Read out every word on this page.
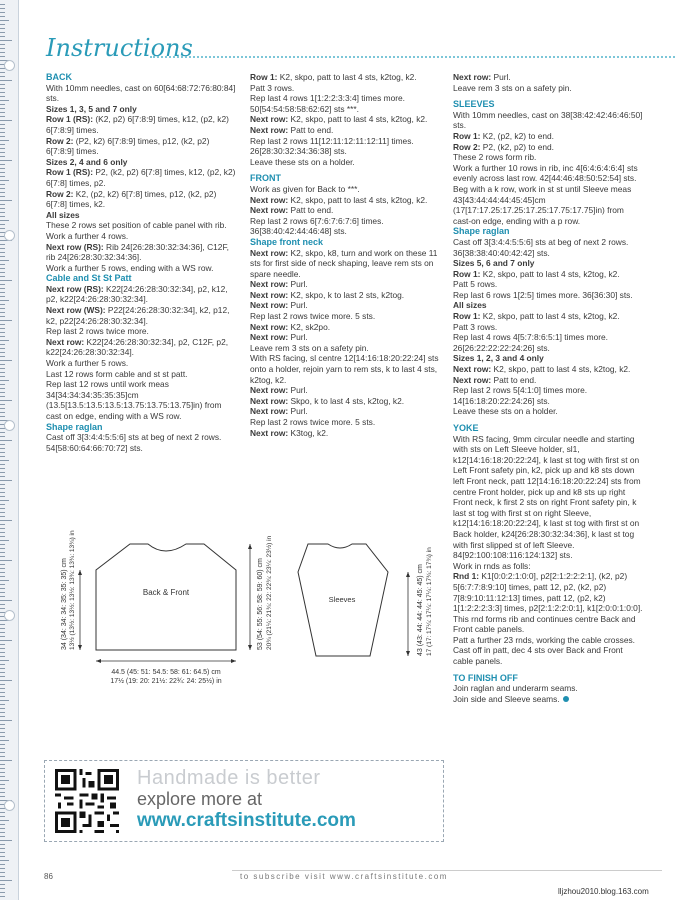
Instructions

BACK

With 10mm needles, cast on 60[64:68:72:76:80:84] sts.

Sizes 1, 3, 5 and 7 only

Row 1 (RS): (K2, p2) 6[7:8:9] times, k12, (p2, k2) 6[7:8:9] times.

Row 2: (P2, k2) 6[7:8:9] times, p12, (k2, p2) 6[7:8:9] times.

Sizes 2, 4 and 6 only

Row 1 (RS): P2, (k2, p2) 6[7:8] times, k12, (p2, k2) 6[7:8] times, p2.

Row 2: K2, (p2, k2) 6[7:8] times, p12, (k2, p2) 6[7:8] times, k2.

All sizes

These 2 rows set position of cable panel with rib.

Work a further 4 rows.

Next row (RS): Rib 24[26:28:30:32:34:36], C12F, rib 24[26:28:30:32:34:36].

Work a further 5 rows, ending with a WS row.

Cable and St St Patt

Next row (RS): K22[24:26:28:30:32:34], p2, k12, p2, k22[24:26:28:30:32:34].

Next row (WS): P22[24:26:28:30:32:34], k2, p12, k2, p22[24:26:28:30:32:34].

Rep last 2 rows twice more.

Next row: K22[24:26:28:30:32:34], p2, C12F, p2, k22[24:26:28:30:32:34].

Work a further 5 rows.

Last 12 rows form cable and st st patt.

Rep last 12 rows until work meas 34[34:34:34:35:35:35]cm (13.5[13.5:13.5:13.5:13.75:13.75:13.75]in) from cast on edge, ending with a WS row.

Shape raglan

Cast off 3[3:4:4:5:5:6] sts at beg of next 2 rows. 54[58:60:64:66:70:72] sts.

Row 1: K2, skpo, patt to last 4 sts, k2tog, k2.

Patt 3 rows.

Rep last 4 rows 1[1:2:2:3:3:4] times more. 50[54:54:58:58:62:62] sts ***.

Next row: K2, skpo, patt to last 4 sts, k2tog, k2.

Next row: Patt to end.

Rep last 2 rows 11[12:11:12:11:12:11] times. 26[28:30:32:34:36:38] sts.

Leave these sts on a holder.

FRONT

Work as given for Back to ***.

Next row: K2, skpo, patt to last 4 sts, k2tog, k2.

Next row: Patt to end.

Rep last 2 rows 6[7:6:7:6:7:6] times. 36[38:40:42:44:46:48] sts.

Shape front neck

Next row: K2, skpo, k8, turn and work on these 11 sts for first side of neck shaping, leave rem sts on spare needle.

Next row: Purl.

Next row: K2, skpo, k to last 2 sts, k2tog.

Next row: Purl.

Rep last 2 rows twice more. 5 sts.

Next row: K2, sk2po.

Next row: Purl.

Leave rem 3 sts on a safety pin.

With RS facing, sl centre 12[14:16:18:20:22:24] sts onto a holder, rejoin yarn to rem sts, k to last 4 sts, k2tog, k2.

Next row: Purl.

Next row: Skpo, k to last 4 sts, k2tog, k2.

Next row: Purl.

Rep last 2 rows twice more. 5 sts.

Next row: K3tog, k2.

Next row: Purl.

Leave rem 3 sts on a safety pin.

SLEEVES

With 10mm needles, cast on 38[38:42:42:46:46:50] sts.

Row 1: K2, (p2, k2) to end.

Row 2: P2, (k2, p2) to end.

These 2 rows form rib.

Work a further 10 rows in rib, inc 4[6:4:6:4:6:4] sts evenly across last row. 42[44:46:48:50:52:54] sts.

Beg with a k row, work in st st until Sleeve meas 43[43:44:44:44:45:45]cm (17[17:17.25:17.25:17.25:17.75:17.75]in) from cast-on edge, ending with a p row.

Shape raglan

Cast off 3[3:4:4:5:5:6] sts at beg of next 2 rows. 36[38:38:40:40:42:42] sts.

Sizes 5, 6 and 7 only

Row 1: K2, skpo, patt to last 4 sts, k2tog, k2.

Patt 5 rows.

Rep last 6 rows 1[2:5] times more. 36[36:30] sts.

All sizes

Row 1: K2, skpo, patt to last 4 sts, k2tog, k2.

Patt 3 rows.

Rep last 4 rows 4[5:7:8:6:5:1] times more. 26[26:22:22:22:24:26] sts.

Sizes 1, 2, 3 and 4 only

Next row: K2, skpo, patt to last 4 sts, k2tog, k2.

Next row: Patt to end.

Rep last 2 rows 5[4:1:0] times more. 14[16:18:20:22:24:26] sts.

Leave these sts on a holder.

YOKE

With RS facing, 9mm circular needle and starting with sts on Left Sleeve holder, sl1, k12[14:16:18:20:22:24], k last st tog with first st on Left Front safety pin, k2, pick up and k8 sts down left Front neck, patt 12[14:16:18:20:22:24] sts from centre Front holder, pick up and k8 sts up right Front neck, k first 2 sts on right Front safety pin, k last st tog with first st on right Sleeve, k12[14:16:18:20:22:24], k last st tog with first st on Back holder, k24[26:28:30:32:34:36], k last st tog with first slipped st of left Sleeve. 84[92:100:108:116:124:132] sts.

Work in rnds as folls:

Rnd 1: K1[0:0:2:1:0:0], p2[2:1:2:2:2:1], (k2, p2) 5[6:7:7:8:9:10] times, patt 12, p2, (k2, p2) 7[8:9:10:11:12:13] times, patt 12, (p2, k2) 1[1:2:2:2:3:3] times, p2[2:1:2:2:0:1], k1[2:0:0:1:0:0].

This rnd forms rib and continues centre Back and Front cable panels.

Patt a further 23 rnds, working the cable crosses.

Cast off in patt, dec 4 sts over Back and Front cable panels.

TO FINISH OFF

Join raglan and underarm seams.

Join side and Sleeve seams.

Back & Front
44.5 (45: 51: 54.5: 58: 61: 64.5) cm
17½ (19: 20: 21½: 22¾: 24: 25½) in
34 (34: 34: 34: 35: 35: 35) cm 13½ (13½: 13½: 13½: 13¾: 13¾: 13¾) in	53 (54: 55: 56: 58: 59: 60) cm 20¾ (21¼: 21¾: 22: 22¾: 23¼: 23½) in	Sleeves	43 (43: 44: 44: 44: 45: 45) cm 17 (17: 17¼: 17¼: 17¼: 17¾: 17¾) in
Handmade is better
explore more at
www.craftsinstitute.com
86	to subscribe visit www.craftsinstitute.com
lljzhou2010.blog.163.com
